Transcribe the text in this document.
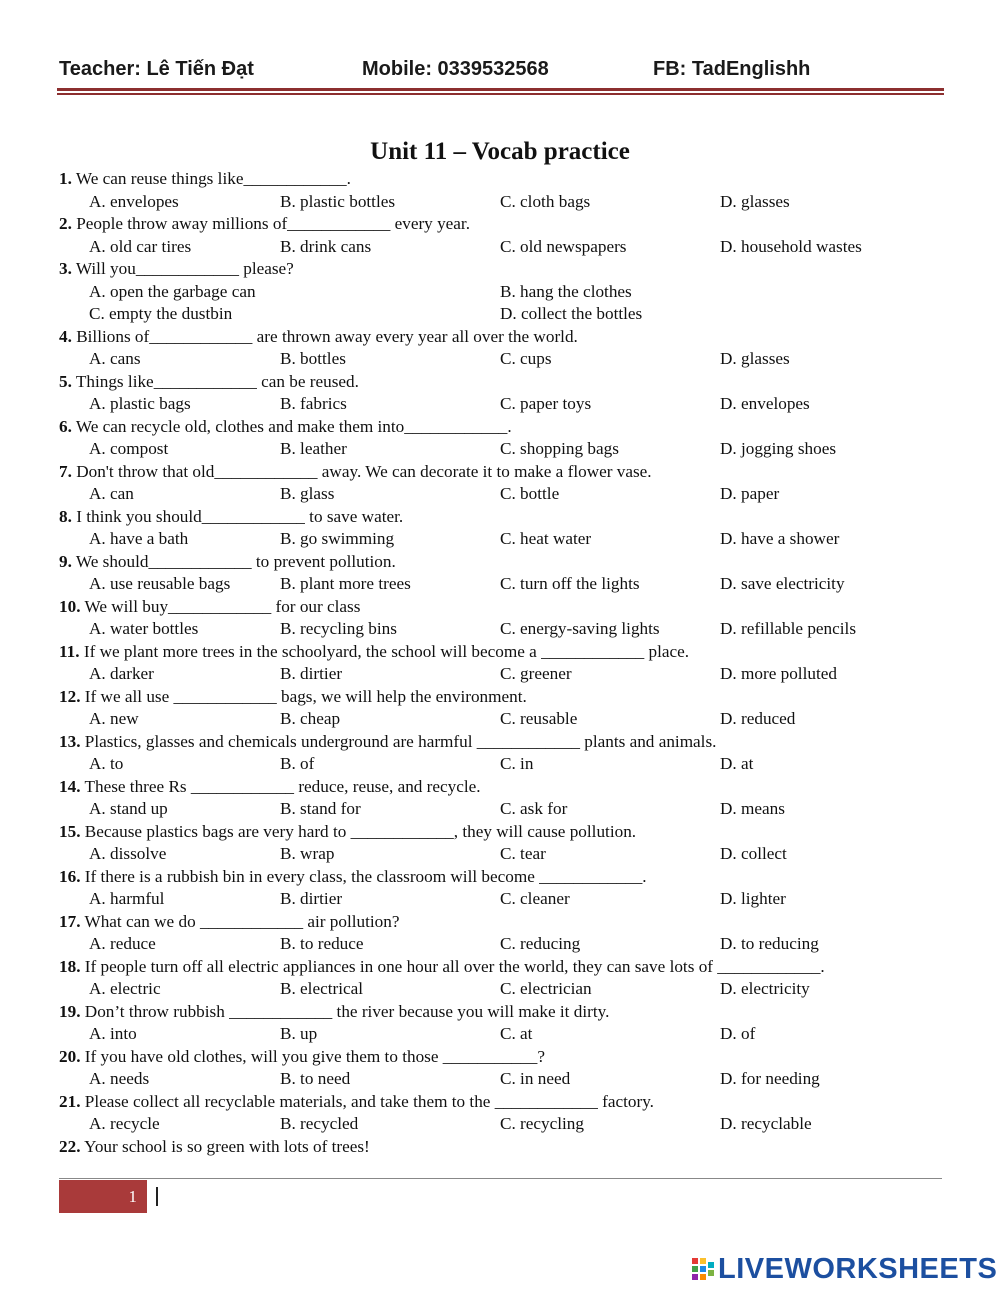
Teacher: Lê Tiến Đạt	Mobile: 0339532568	FB: TadEnglishh
Unit 11 – Vocab practice
1. We can reuse things like____________.
A. envelopes	B. plastic bottles	C. cloth bags	D. glasses
2. People throw away millions of____________ every year.
A. old car tires	B. drink cans	C. old newspapers	D. household wastes
3. Will you____________ please?
A. open the garbage can	B. hang the clothes
C. empty the dustbin	D. collect the bottles
4. Billions of____________ are thrown away every year all over the world.
A. cans	B. bottles	C. cups	D. glasses
5. Things like____________ can be reused.
A. plastic bags	B. fabrics	C. paper toys	D. envelopes
6. We can recycle old, clothes and make them into____________.
A. compost	B. leather	C. shopping bags	D. jogging shoes
7. Don't throw that old____________ away. We can decorate it to make a flower vase.
A. can	B. glass	C. bottle	D. paper
8. I think you should____________ to save water.
A. have a bath	B. go swimming	C. heat water	D. have a shower
9. We should____________ to prevent pollution.
A. use reusable bags	B. plant more trees	C. turn off the lights	D. save electricity
10. We will buy____________ for our class
A. water bottles	B. recycling bins	C. energy-saving lights	D. refillable pencils
11. If we plant more trees in the schoolyard, the school will become a ____________ place.
A. darker	B. dirtier	C. greener	D. more polluted
12. If we all use ____________ bags, we will help the environment.
A. new	B. cheap	C. reusable	D. reduced
13. Plastics, glasses and chemicals underground are harmful ____________ plants and animals.
A. to	B. of	C. in	D. at
14. These three Rs ____________ reduce, reuse, and recycle.
A. stand up	B. stand for	C. ask for	D. means
15. Because plastics bags are very hard to ____________, they will cause pollution.
A. dissolve	B. wrap	C. tear	D. collect
16. If there is a rubbish bin in every class, the classroom will become ____________.
A. harmful	B. dirtier	C. cleaner	D. lighter
17. What can we do ____________ air pollution?
A. reduce	B. to reduce	C. reducing	D. to reducing
18. If people turn off all electric appliances in one hour all over the world, they can save lots of ____________.
A. electric	B. electrical	C. electrician	D. electricity
19. Don’t throw rubbish ____________ the river because you will make it dirty.
A. into	B. up	C. at	D. of
20. If you have old clothes, will you give them to those ___________?
A. needs	B. to need	C. in need	D. for needing
21. Please collect all recyclable materials, and take them to the ____________ factory.
A. recycle	B. recycled	C. recycling	D. recyclable
22. Your school is so green with lots of trees!
1
LIVEWORKSHEETS
